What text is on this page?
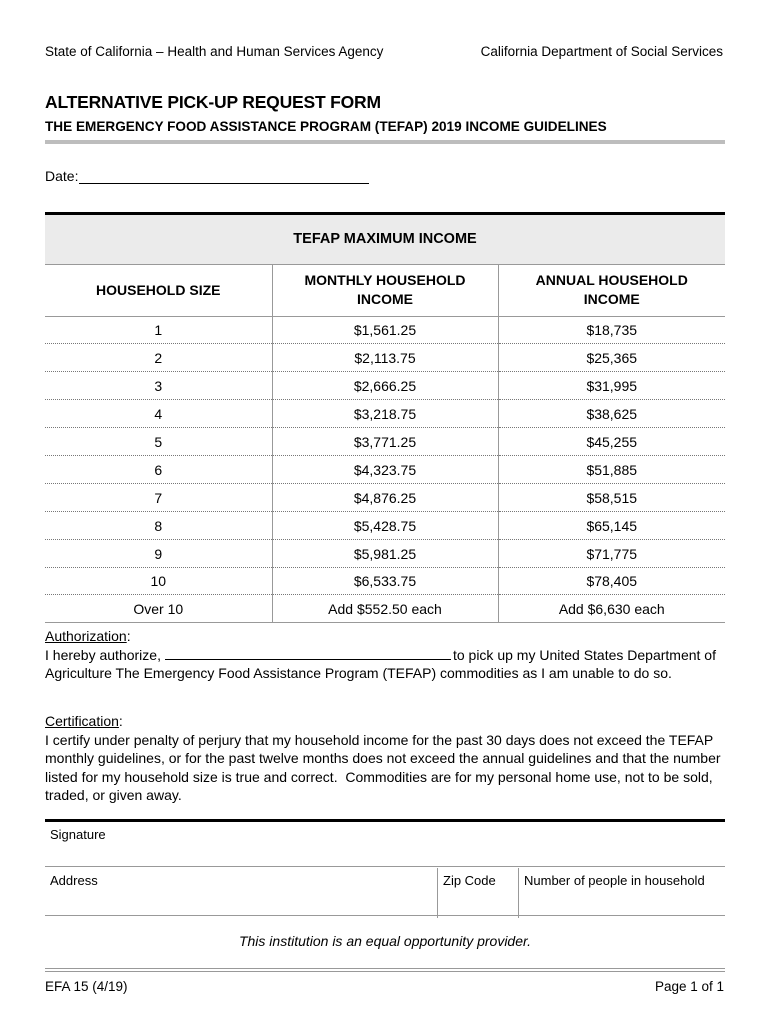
State of California – Health and Human Services Agency	California Department of Social Services
ALTERNATIVE PICK-UP REQUEST FORM
THE EMERGENCY FOOD ASSISTANCE PROGRAM (TEFAP) 2019 INCOME GUIDELINES
Date:

TEFAP MAXIMUM INCOME		
HOUSEHOLD SIZE	MONTHLY HOUSEHOLD INCOME	ANNUAL HOUSEHOLD INCOME
1	$1,561.25	$18,735
2	$2,113.75	$25,365
3	$2,666.25	$31,995
4	$3,218.75	$38,625
5	$3,771.25	$45,255
6	$4,323.75	$51,885
7	$4,876.25	$58,515
8	$5,428.75	$65,145
9	$5,981.25	$71,775
10	$6,533.75	$78,405
Over 10	Add $552.50 each	Add $6,630 each
Authorization:
I hereby authorize,	to pick up my United States Department of Agriculture The Emergency Food Assistance Program (TEFAP) commodities as I am unable to do so.
Certification:
I certify under penalty of perjury that my household income for the past 30 days does not exceed the TEFAP monthly guidelines, or for the past twelve months does not exceed the annual guidelines and that the number listed for my household size is true and correct.  Commodities are for my personal home use, not to be sold, traded, or given away.
Signature
Address	Zip Code	Number of people in household
This institution is an equal opportunity provider.
EFA 15 (4/19)	Page 1 of 1
